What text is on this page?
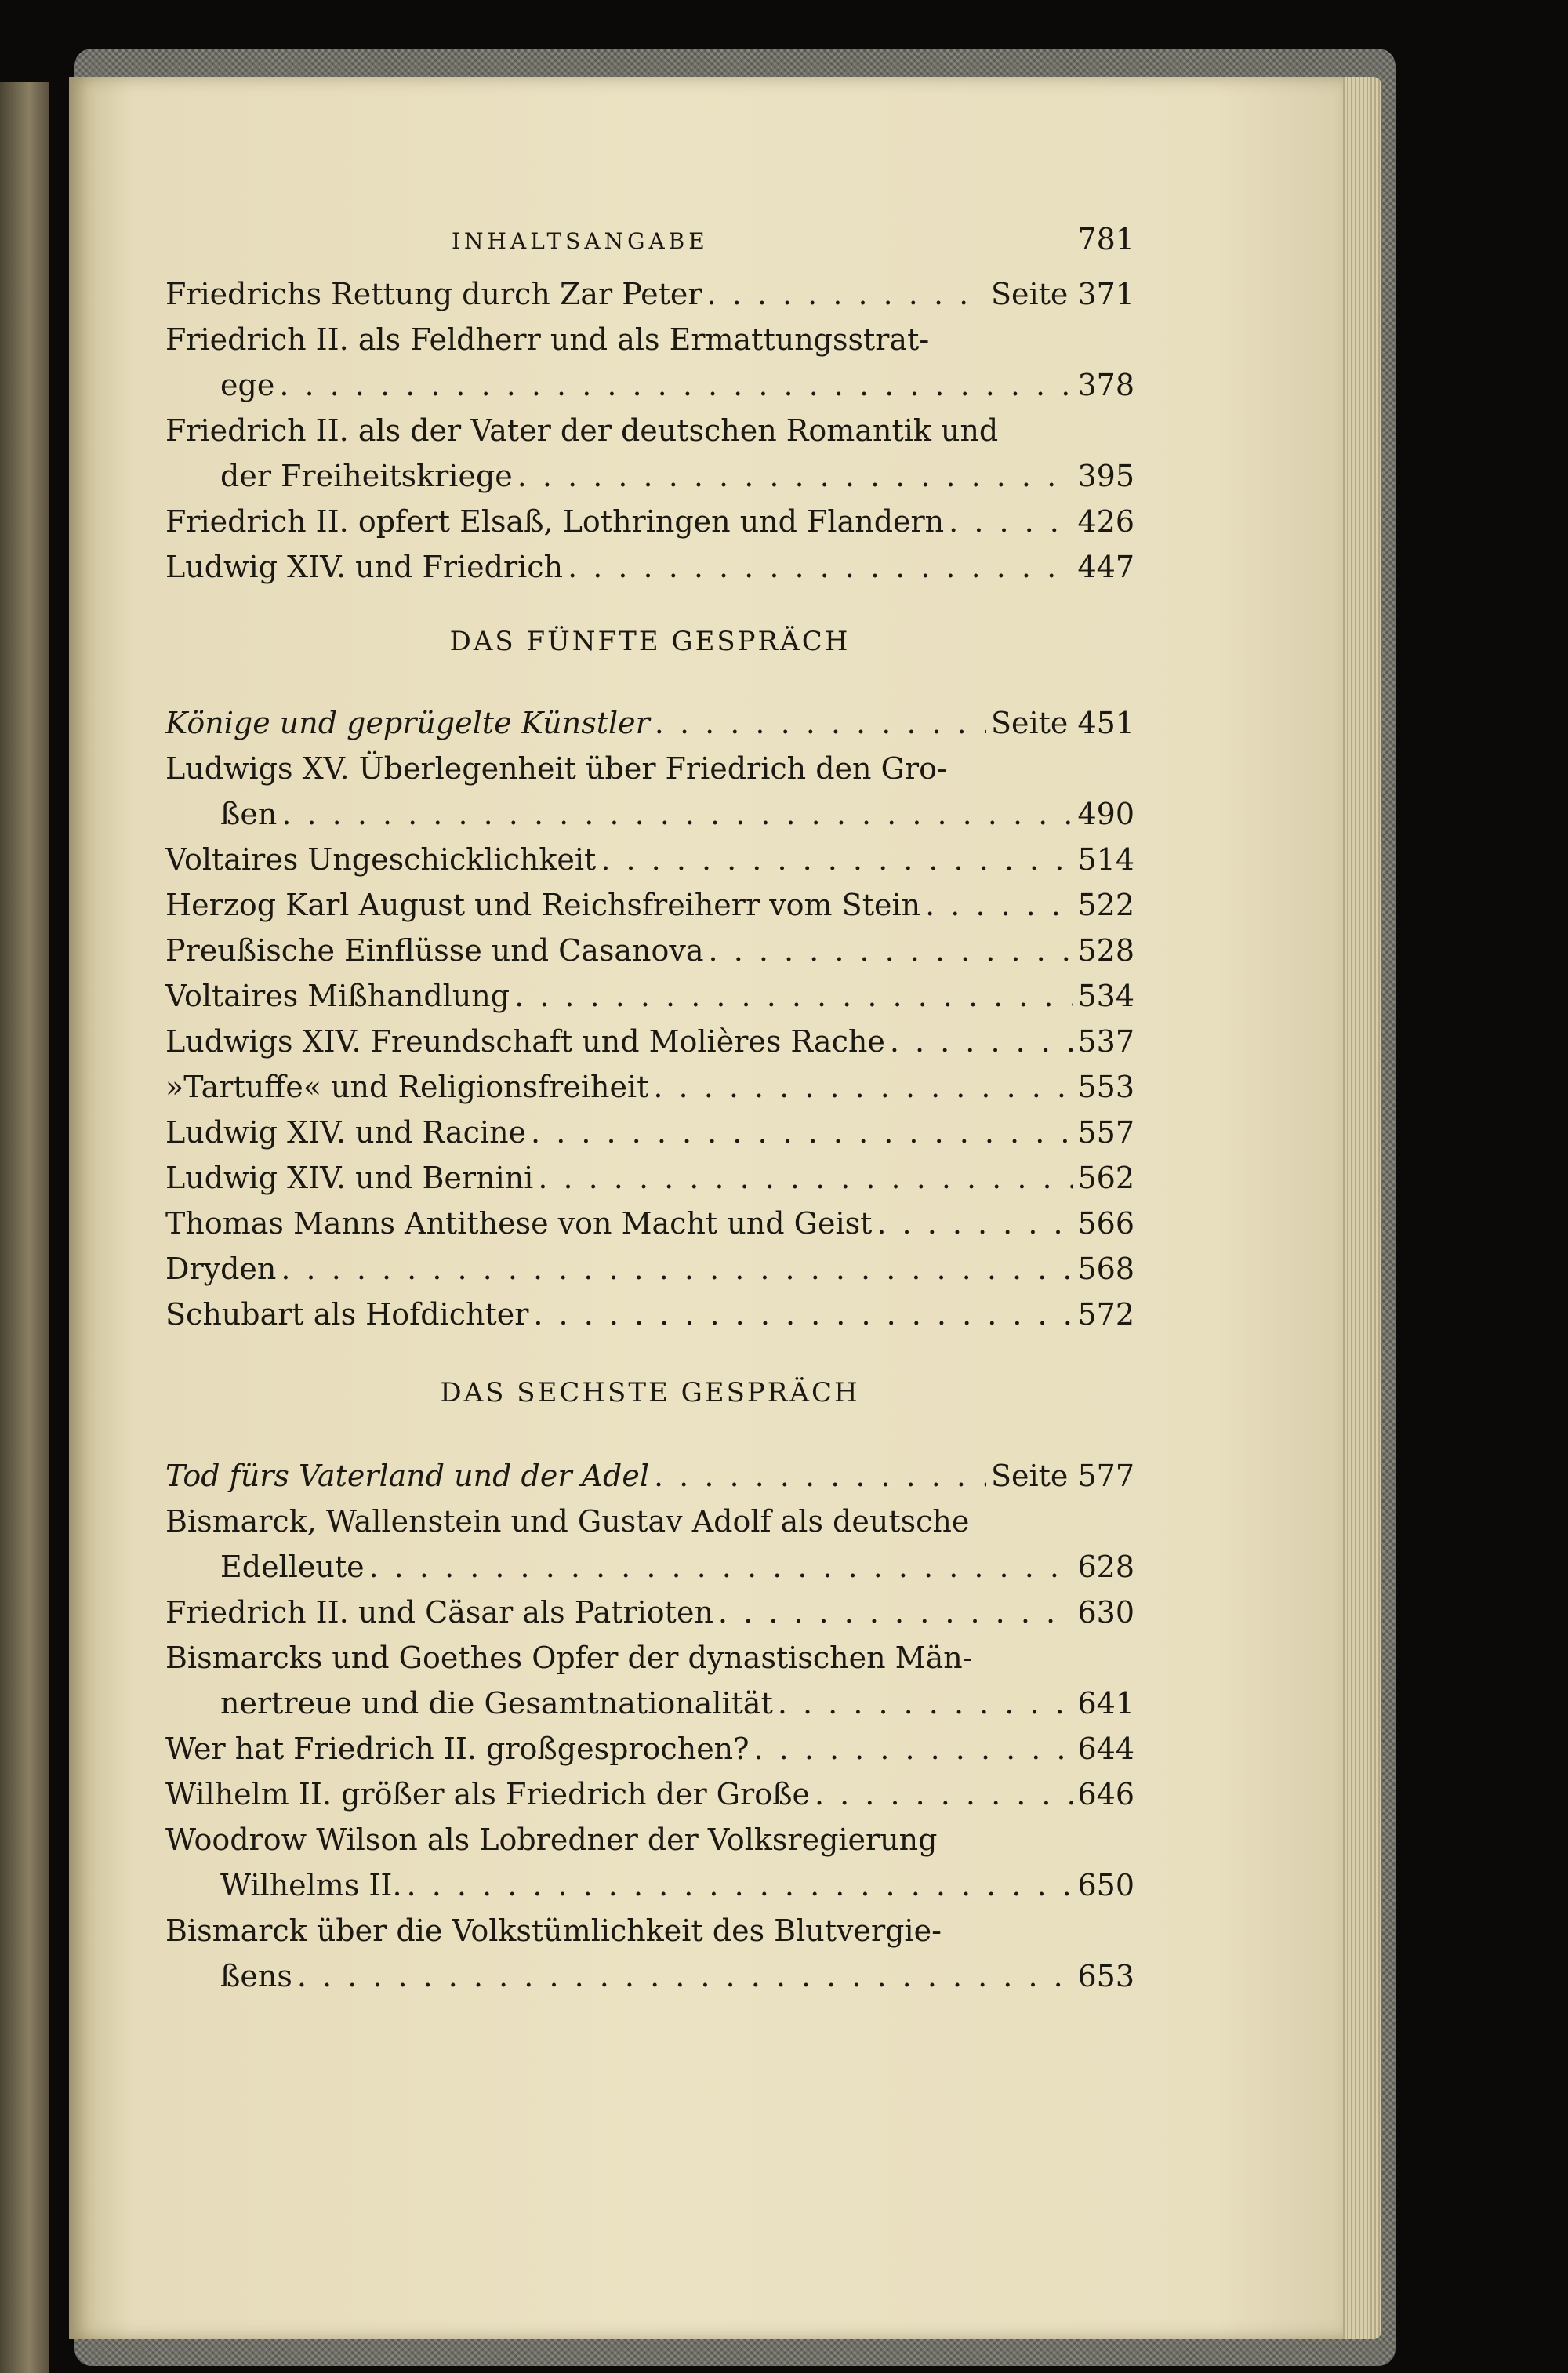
INHALTSANGABE	781
Friedrichs Rettung durch Zar Peter . . .	Seite 371
Friedrich II. als Feldherr und als Ermattungsstrat-
ege . . .	378
Friedrich II. als der Vater der deutschen Romantik und
der Freiheitskriege . . .	395
Friedrich II. opfert Elsaß, Lothringen und Flandern . . .	426
Ludwig XIV. und Friedrich . . .	447
DAS FÜNFTE GESPRÄCH
Könige und geprügelte Künstler . . .	Seite 451
Ludwigs XV. Überlegenheit über Friedrich den Gro-
ßen . . .	490
Voltaires Ungeschicklichkeit . . .	514
Herzog Karl August und Reichsfreiherr vom Stein . . .	522
Preußische Einflüsse und Casanova . . .	528
Voltaires Mißhandlung . . .	534
Ludwigs XIV. Freundschaft und Molières Rache . . .	537
»Tartuffe« und Religionsfreiheit . . .	553
Ludwig XIV. und Racine . . .	557
Ludwig XIV. und Bernini . . .	562
Thomas Manns Antithese von Macht und Geist . . .	566
Dryden . . .	568
Schubart als Hofdichter . . .	572
DAS SECHSTE GESPRÄCH
Tod fürs Vaterland und der Adel . . .	Seite 577
Bismarck, Wallenstein und Gustav Adolf als deutsche
Edelleute . . .	628
Friedrich II. und Cäsar als Patrioten . . .	630
Bismarcks und Goethes Opfer der dynastischen Män-
nertreue und die Gesamtnationalität . . .	641
Wer hat Friedrich II. großgesprochen? . . .	644
Wilhelm II. größer als Friedrich der Große . . .	646
Woodrow Wilson als Lobredner der Volksregierung
Wilhelms II. . . .	650
Bismarck über die Volkstümlichkeit des Blutvergie-
ßens . . .	653
